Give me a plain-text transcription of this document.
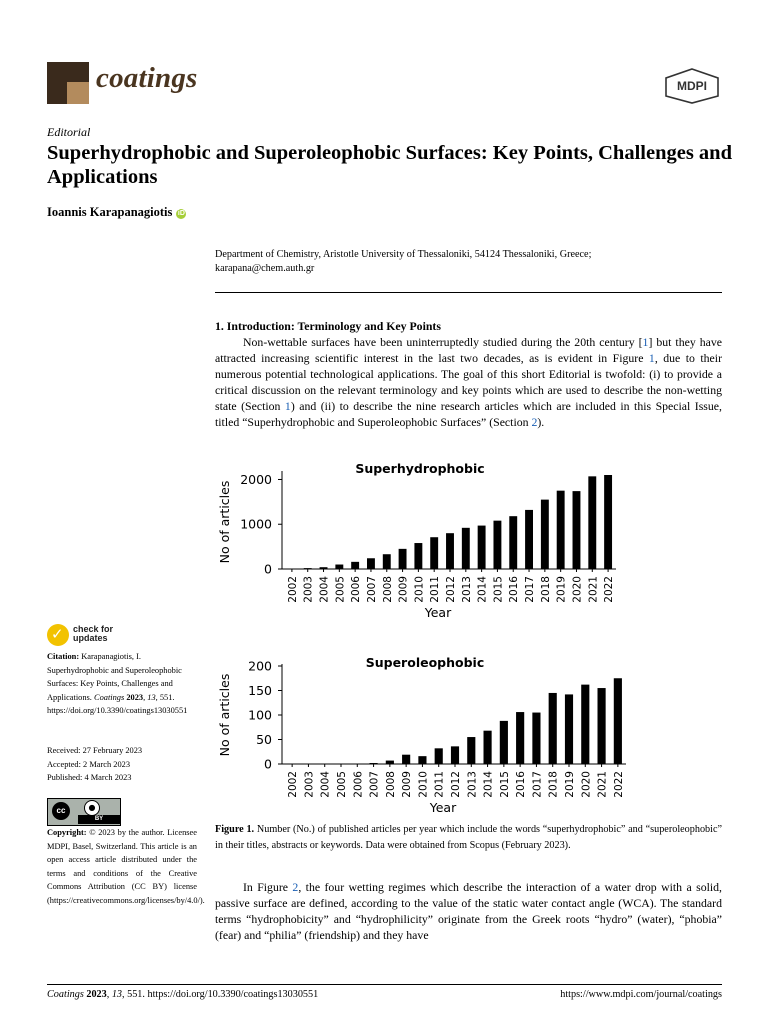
coatings	MDPI
Editorial
Superhydrophobic and Superoleophobic Surfaces: Key Points, Challenges and Applications
Ioannis Karapanagiotis iD
Department of Chemistry, Aristotle University of Thessaloniki, 54124 Thessaloniki, Greece;
karapana@chem.auth.gr
1. Introduction: Terminology and Key Points

Non-wettable surfaces have been uninterruptedly studied during the 20th century [1] but they have attracted increasing scientific interest in the last two decades, as is evident in Figure 1, due to their numerous potential technological applications. The goal of this short Editorial is twofold: (i) to provide a critical discussion on the relevant terminology and key points which are used to describe the non-wetting state (Section 1) and (ii) to describe the nine research articles which are included in this Special Issue, titled “Superhydrophobic and Superoleophobic Surfaces” (Section 2).

0
1000
2000
Superhydrophobic
No of articles
2002 2003 2004 2005 2006 2007 2008 2009 2010 2011 2012 2013 2014 2015 2016 2017 2018 2019 2020 2021 2022
Year
0
50
100
150
200	Superoleophobic
No of articles
2002 2003 2004 2005 2006 2007 2008 2009 2010 2011 2012 2013 2014 2015 2016 2017 2018 2019 2020 2021 2022
Year
Figure 1. Number (No.) of published articles per year which include the words “superhydrophobic” and “superoleophobic” in their titles, abstracts or keywords. Data were obtained from Scopus (February 2023).

In Figure 2, the four wetting regimes which describe the interaction of a water drop with a solid, passive surface are defined, according to the value of the static water contact angle (WCA). The standard terms “hydrophobicity” and “hydrophilicity” originate from the Greek roots “hydro” (water), “phobia” (fear) and “philia” (friendship) and they have

✓ check for
updates
Citation: Karapanagiotis, I. Superhydrophobic and Superoleophobic Surfaces: Key Points, Challenges and Applications. Coatings 2023, 13, 551. https://doi.org/10.3390/coatings13030551
Received: 27 February 2023
Accepted: 2 March 2023
Published: 4 March 2023
cc	●
BY
Copyright: © 2023 by the author. Licensee MDPI, Basel, Switzerland. This article is an open access article distributed under the terms and conditions of the Creative Commons Attribution (CC BY) license (https://creativecommons.org/licenses/by/4.0/).
Coatings 2023, 13, 551. https://doi.org/10.3390/coatings13030551	https://www.mdpi.com/journal/coatings
